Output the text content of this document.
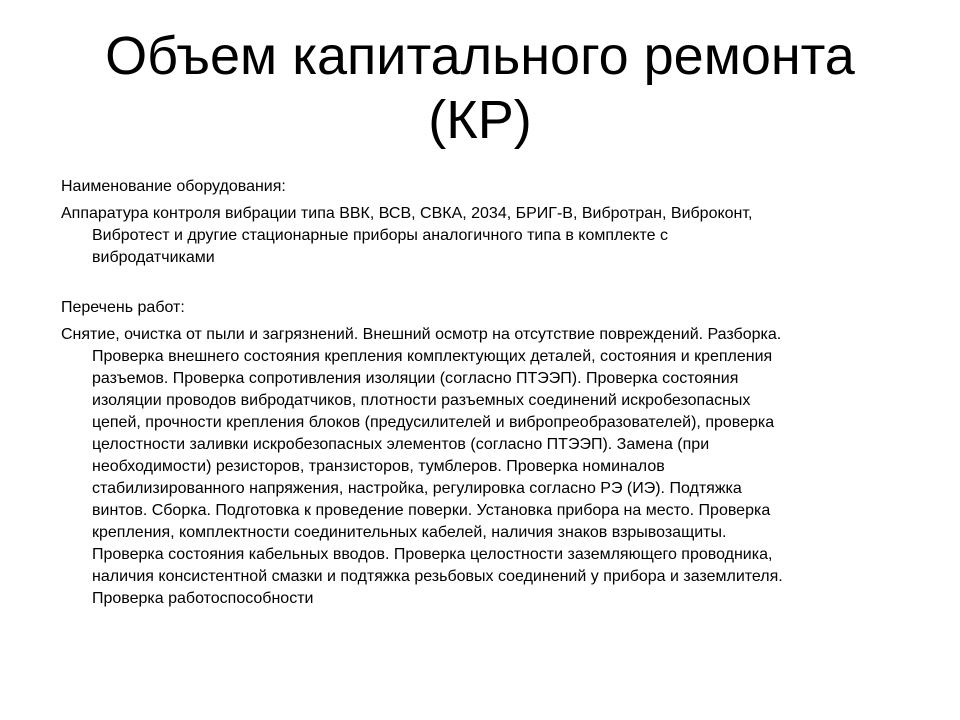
Объем капитального ремонта
(КР)

Наименование оборудования:

Аппаратура контроля вибрации типа ВВК, ВСВ, СВКА, 2034, БРИГ-В, Вибротран, Виброконт, Вибротест и другие стационарные приборы аналогичного типа в комплекте с вибродатчиками

Перечень работ:

Снятие, очистка от пыли и загрязнений. Внешний осмотр на отсутствие повреждений. Разборка. Проверка внешнего состояния крепления комплектующих деталей, состояния и крепления разъемов. Проверка сопротивления изоляции (согласно ПТЭЭП). Проверка состояния изоляции проводов вибродатчиков, плотности разъемных соединений искробезопасных цепей, прочности крепления блоков (предусилителей и вибропреобразователей), проверка целостности заливки искробезопасных элементов (согласно ПТЭЭП). Замена (при необходимости) резисторов, транзисторов, тумблеров. Проверка номиналов стабилизированного напряжения, настройка, регулировка согласно РЭ (ИЭ). Подтяжка винтов. Сборка. Подготовка к проведение поверки. Установка прибора на место. Проверка крепления, комплектности соединительных кабелей, наличия знаков взрывозащиты. Проверка состояния кабельных вводов. Проверка целостности заземляющего проводника, наличия консистентной смазки и подтяжка резьбовых соединений у прибора и заземлителя. Проверка работоспособности
